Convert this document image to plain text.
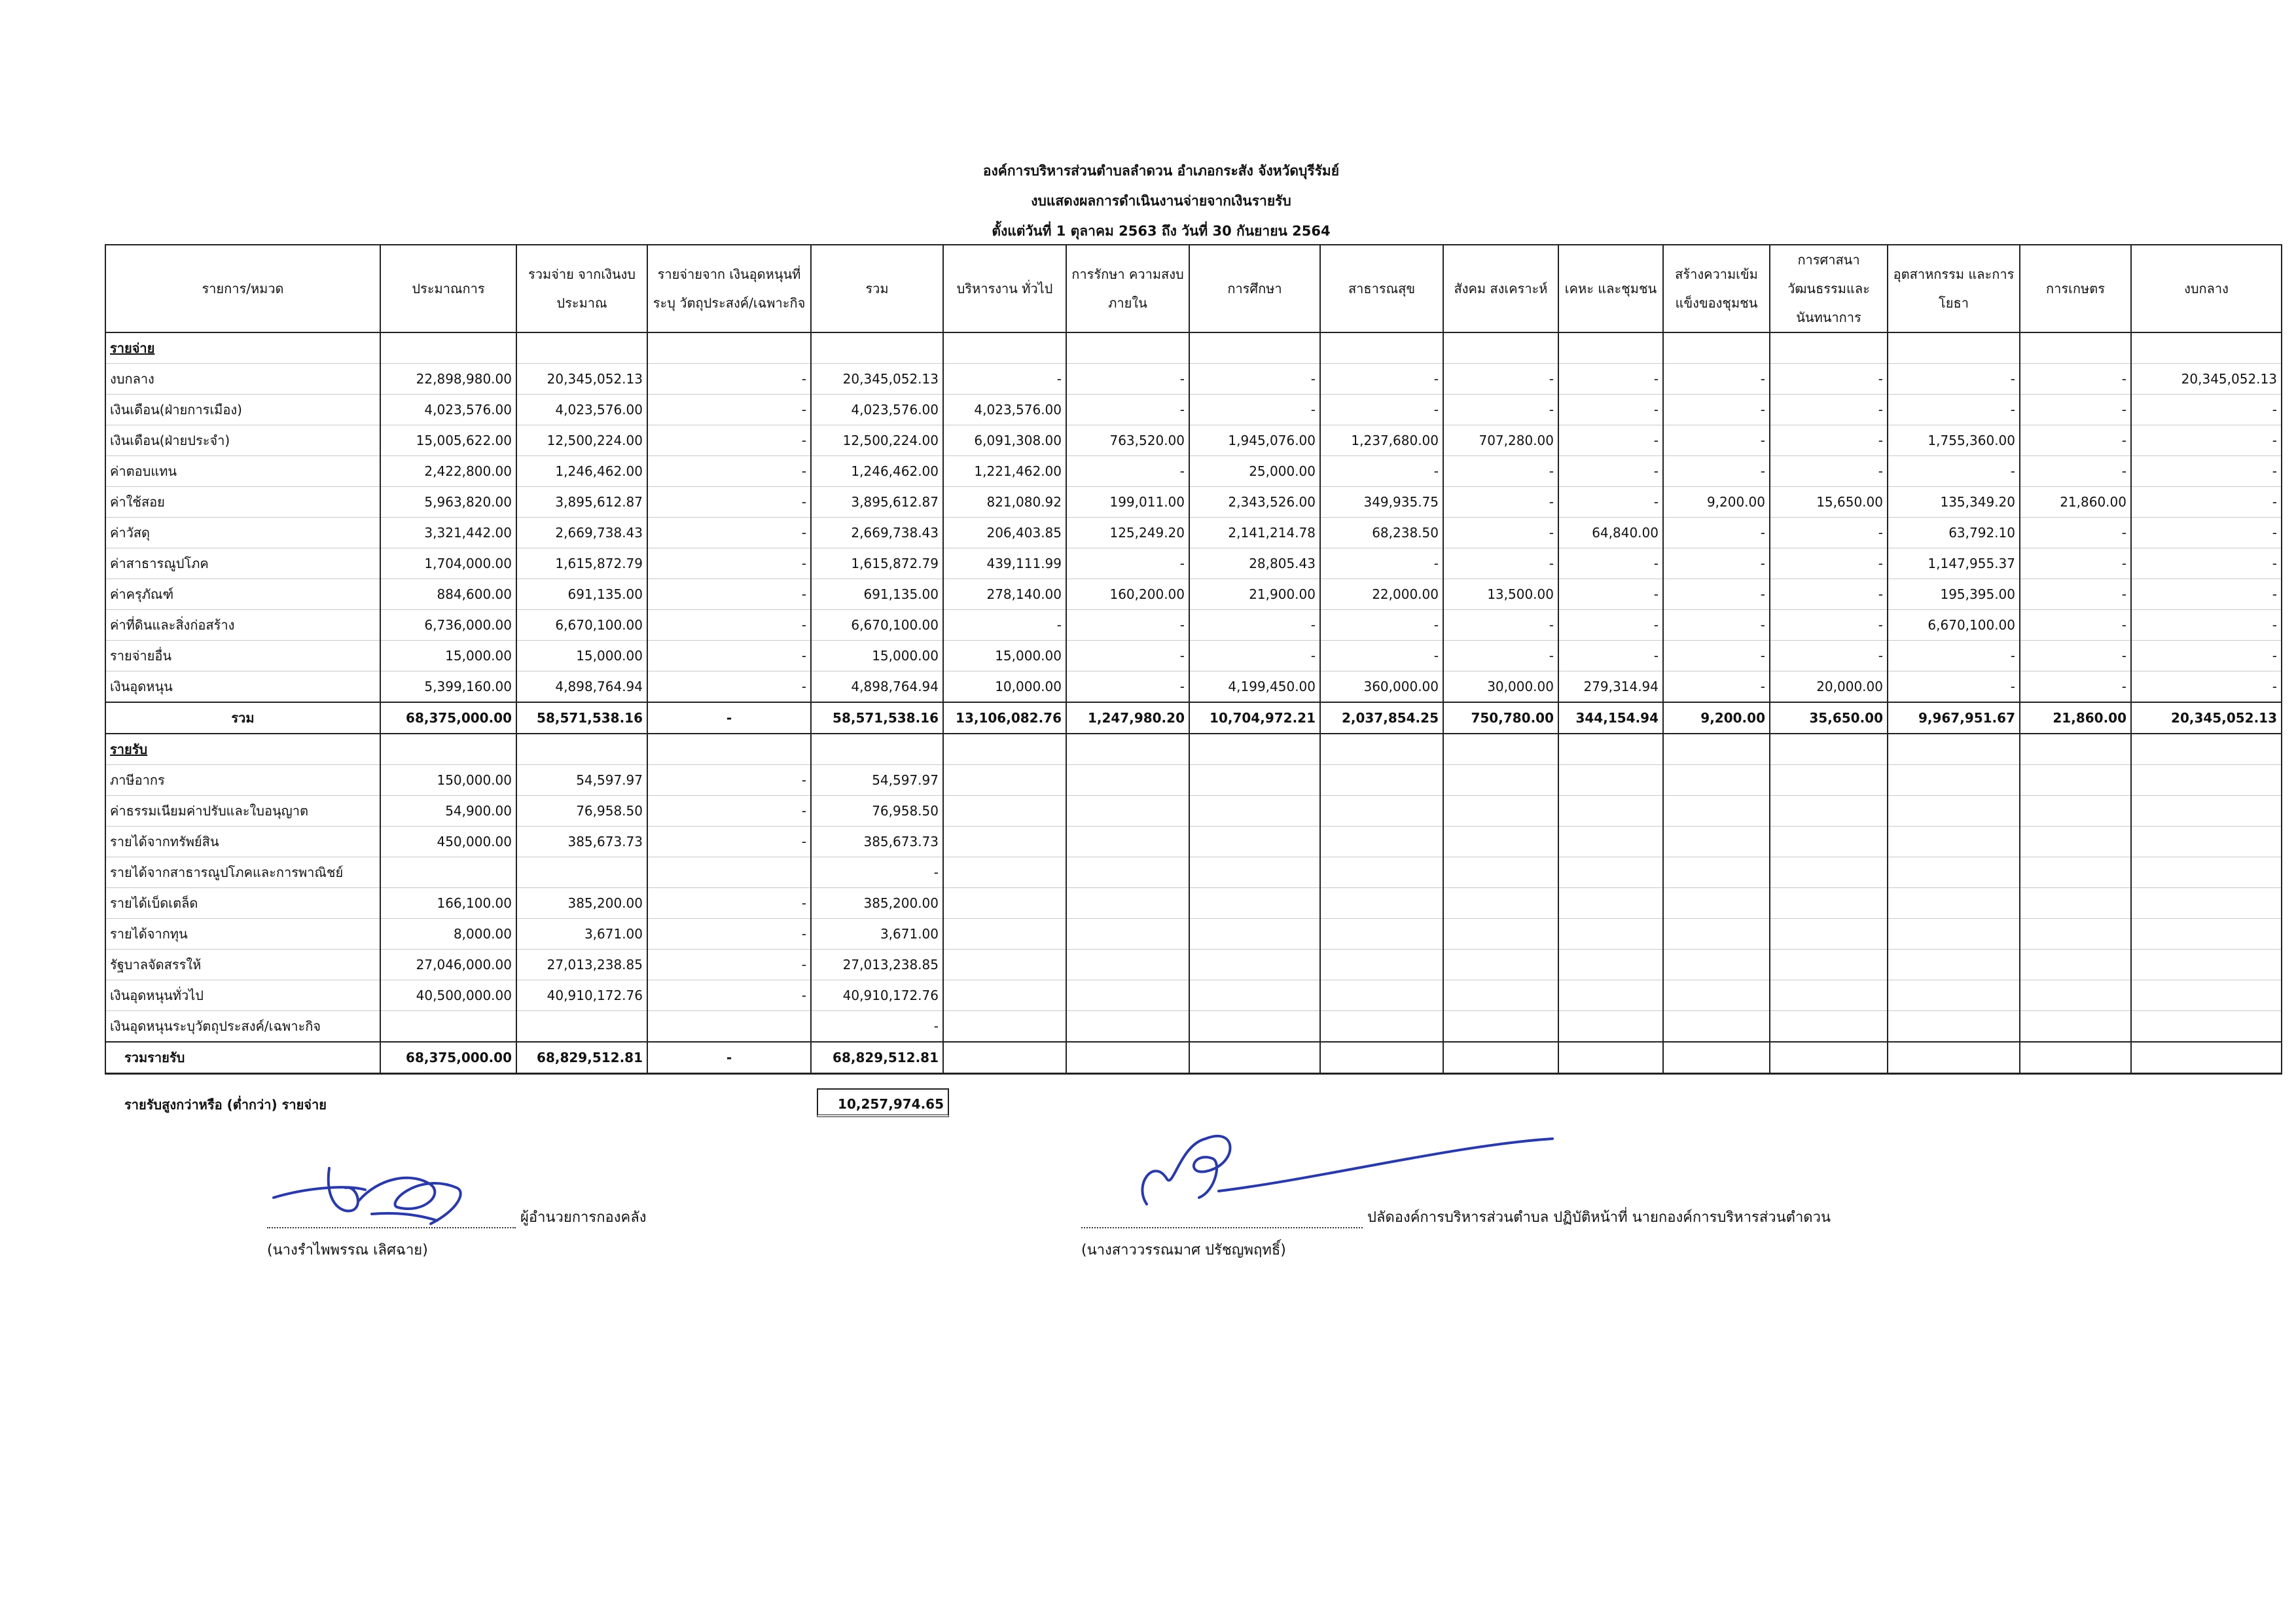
องค์การบริหารส่วนตำบลลำดวน อำเภอกระสัง จังหวัดบุรีรัมย์
งบแสดงผลการดำเนินงานจ่ายจากเงินรายรับ
ตั้งแต่วันที่ 1 ตุลาคม 2563 ถึง วันที่ 30 กันยายน 2564
รายการ/หมวด	ประมาณการ	รวมจ่าย จากเงินงบ ประมาณ	รายจ่ายจาก เงินอุดหนุนที่ระบุ วัตถุประสงค์/เฉพาะกิจ	รวม	บริหารงาน ทั่วไป	การรักษา ความสงบ ภายใน	การศึกษา	สาธารณสุข	สังคม สงเคราะห์	เคหะ และชุมชน	สร้างความเข้ม แข็งของชุมชน	การศาสนา วัฒนธรรมและ นันทนาการ	อุตสาหกรรม และการโยธา	การเกษตร	งบกลาง
รายจ่าย															
งบกลาง	22,898,980.00	20,345,052.13	-	20,345,052.13	-	-	-	-	-	-	-	-	-	-	20,345,052.13
เงินเดือน(ฝ่ายการเมือง)	4,023,576.00	4,023,576.00	-	4,023,576.00	4,023,576.00	-	-	-	-	-	-	-	-	-	-
เงินเดือน(ฝ่ายประจำ)	15,005,622.00	12,500,224.00	-	12,500,224.00	6,091,308.00	763,520.00	1,945,076.00	1,237,680.00	707,280.00	-	-	-	1,755,360.00	-	-
ค่าตอบแทน	2,422,800.00	1,246,462.00	-	1,246,462.00	1,221,462.00	-	25,000.00	-	-	-	-	-	-	-	-
ค่าใช้สอย	5,963,820.00	3,895,612.87	-	3,895,612.87	821,080.92	199,011.00	2,343,526.00	349,935.75	-	-	9,200.00	15,650.00	135,349.20	21,860.00	-
ค่าวัสดุ	3,321,442.00	2,669,738.43	-	2,669,738.43	206,403.85	125,249.20	2,141,214.78	68,238.50	-	64,840.00	-	-	63,792.10	-	-
ค่าสาธารณูปโภค	1,704,000.00	1,615,872.79	-	1,615,872.79	439,111.99	-	28,805.43	-	-	-	-	-	1,147,955.37	-	-
ค่าครุภัณฑ์	884,600.00	691,135.00	-	691,135.00	278,140.00	160,200.00	21,900.00	22,000.00	13,500.00	-	-	-	195,395.00	-	-
ค่าที่ดินและสิ่งก่อสร้าง	6,736,000.00	6,670,100.00	-	6,670,100.00	-	-	-	-	-	-	-	-	6,670,100.00	-	-
รายจ่ายอื่น	15,000.00	15,000.00	-	15,000.00	15,000.00	-	-	-	-	-	-	-	-	-	-
เงินอุดหนุน	5,399,160.00	4,898,764.94	-	4,898,764.94	10,000.00	-	4,199,450.00	360,000.00	30,000.00	279,314.94	-	20,000.00	-	-	-
รวม	68,375,000.00	58,571,538.16	-	58,571,538.16	13,106,082.76	1,247,980.20	10,704,972.21	2,037,854.25	750,780.00	344,154.94	9,200.00	35,650.00	9,967,951.67	21,860.00	20,345,052.13
รายรับ															
ภาษีอากร	150,000.00	54,597.97	-	54,597.97											
ค่าธรรมเนียมค่าปรับและใบอนุญาต	54,900.00	76,958.50	-	76,958.50											
รายได้จากทรัพย์สิน	450,000.00	385,673.73	-	385,673.73											
รายได้จากสาธารณูปโภคและการพาณิชย์				-											
รายได้เบ็ดเตล็ด	166,100.00	385,200.00	-	385,200.00											
รายได้จากทุน	8,000.00	3,671.00	-	3,671.00											
รัฐบาลจัดสรรให้	27,046,000.00	27,013,238.85	-	27,013,238.85											
เงินอุดหนุนทั่วไป	40,500,000.00	40,910,172.76	-	40,910,172.76											
เงินอุดหนุนระบุวัตถุประสงค์/เฉพาะกิจ				-											
รวมรายรับ	68,375,000.00	68,829,512.81	-	68,829,512.81											
รายรับสูงกว่าหรือ (ต่ำกว่า) รายจ่าย	10,257,974.65
ผู้อำนวยการกองคลัง
(นางรำไพพรรณ เลิศฉาย)
ปลัดองค์การบริหารส่วนตำบล ปฏิบัติหน้าที่ นายกองค์การบริหารส่วนตำดวน
(นางสาววรรณมาศ ปรัชญพฤทธิ์)
